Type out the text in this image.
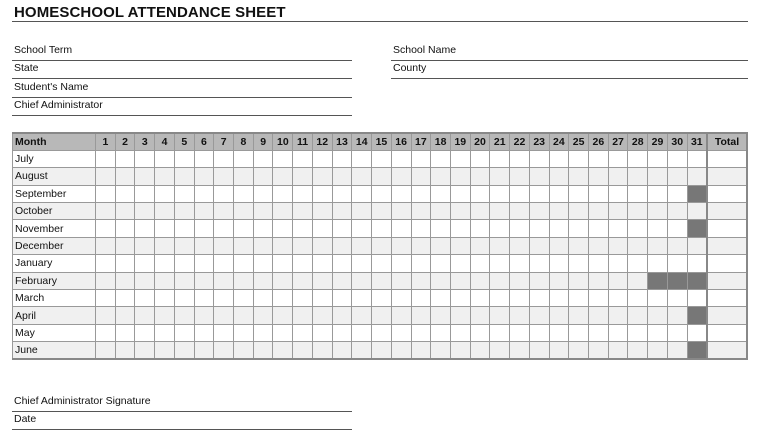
HOMESCHOOL ATTENDANCE SHEET
School Term
State
Student's Name
Chief Administrator
School Name
County
Month	1	2	3	4	5	6	7	8	9	10	11	12	13	14	15	16	17	18	19	20	21	22	23	24	25	26	27	28	29	30	31	Total
July																																
August																																
September																																
October																																
November																																
December																																
January																																
February																																
March																																
April																																
May																																
June																																
Chief Administrator Signature
Date
